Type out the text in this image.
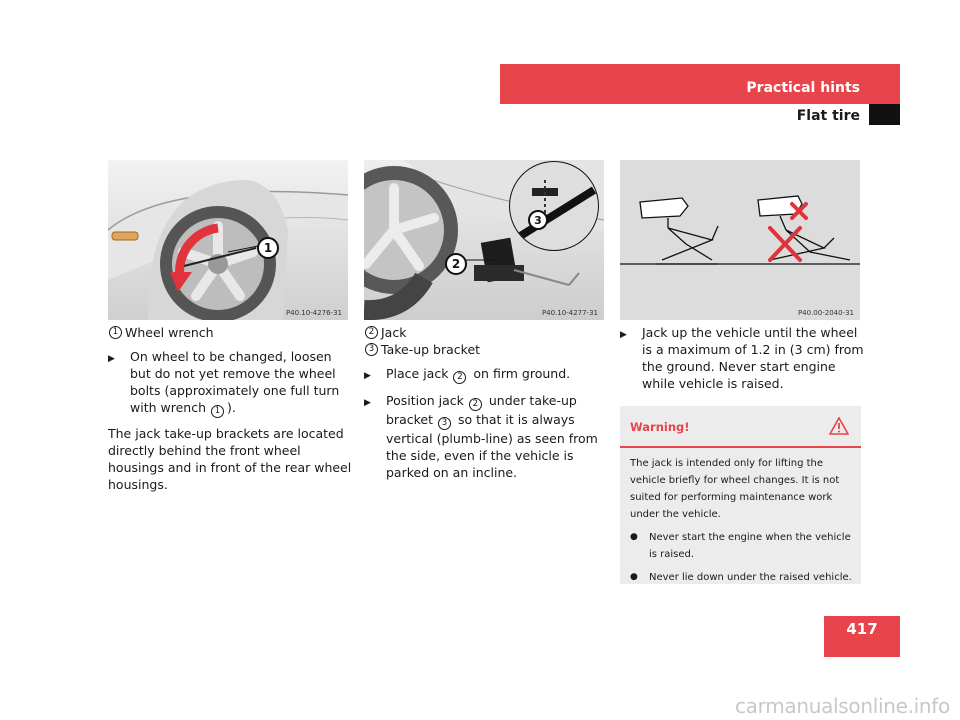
Practical hints
Flat tire
1
P40.10-4276-31
3
2
P40.10-4277-31	P40.00-2040-31
1 Wheel wrench
▶	On wheel to be changed, loosen but do not yet remove the wheel bolts (approximately one full turn with wrench 1 ).

The jack take-up brackets are located directly behind the front wheel housings and in front of the rear wheel housings.

2 Jack
3 Take-up bracket
▶	Place jack 2 on firm ground.
▶	Position jack 2 under take-up bracket 3 so that it is always vertical (plumb-line) as seen from the side, even if the vehicle is parked on an incline.
▶	Jack up the vehicle until the wheel is a maximum of 1.2 in (3 cm) from the ground. Never start engine while vehicle is raised.
Warning!

The jack is intended only for lifting the vehicle briefly for wheel changes. It is not suited for performing maintenance work under the vehicle.

●	Never start the engine when the vehicle is raised.
●	Never lie down under the raised vehicle.
417
carmanualsonline.info
